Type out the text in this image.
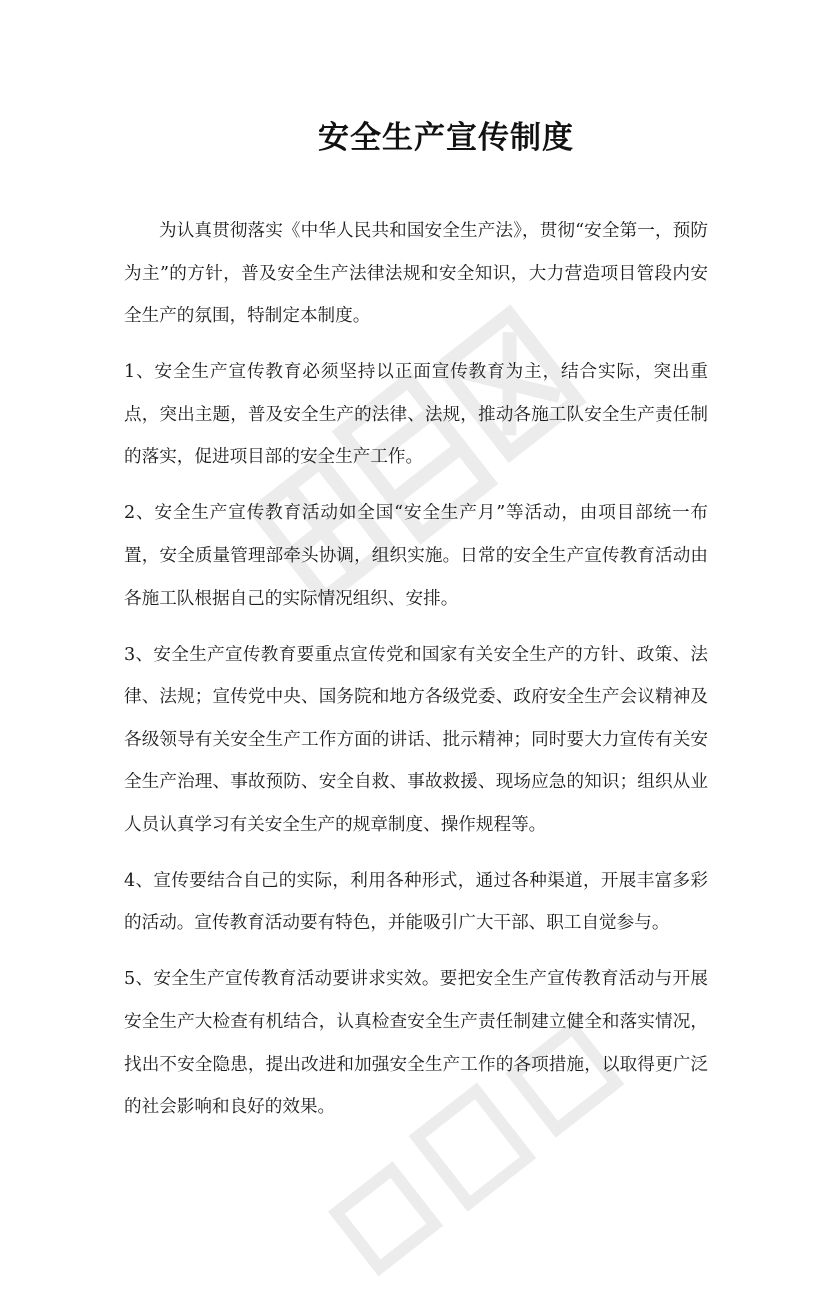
安全生产宣传制度

为认真贯彻落实《中华人民共和国安全生产法》，贯彻“安全第一，预防为主”的方针，普及安全生产法律法规和安全知识，大力营造项目管段内安全生产的氛围，特制定本制度。

1、安全生产宣传教育必须坚持以正面宣传教育为主，结合实际，突出重点，突出主题，普及安全生产的法律、法规，推动各施工队安全生产责任制的落实，促进项目部的安全生产工作。

2、安全生产宣传教育活动如全国“安全生产月”等活动，由项目部统一布置，安全质量管理部牵头协调，组织实施。日常的安全生产宣传教育活动由各施工队根据自己的实际情况组织、安排。

3、安全生产宣传教育要重点宣传党和国家有关安全生产的方针、政策、法律、法规；宣传党中央、国务院和地方各级党委、政府安全生产会议精神及各级领导有关安全生产工作方面的讲话、批示精神；同时要大力宣传有关安全生产治理、事故预防、安全自救、事故救援、现场应急的知识；组织从业人员认真学习有关安全生产的规章制度、操作规程等。

4、宣传要结合自己的实际，利用各种形式，通过各种渠道，开展丰富多彩的活动。宣传教育活动要有特色，并能吸引广大干部、职工自觉参与。

5、安全生产宣传教育活动要讲求实效。要把安全生产宣传教育活动与开展安全生产大检查有机结合，认真检查安全生产责任制建立健全和落实情况，找出不安全隐患，提出改进和加强安全生产工作的各项措施，以取得更广泛的社会影响和良好的效果。
